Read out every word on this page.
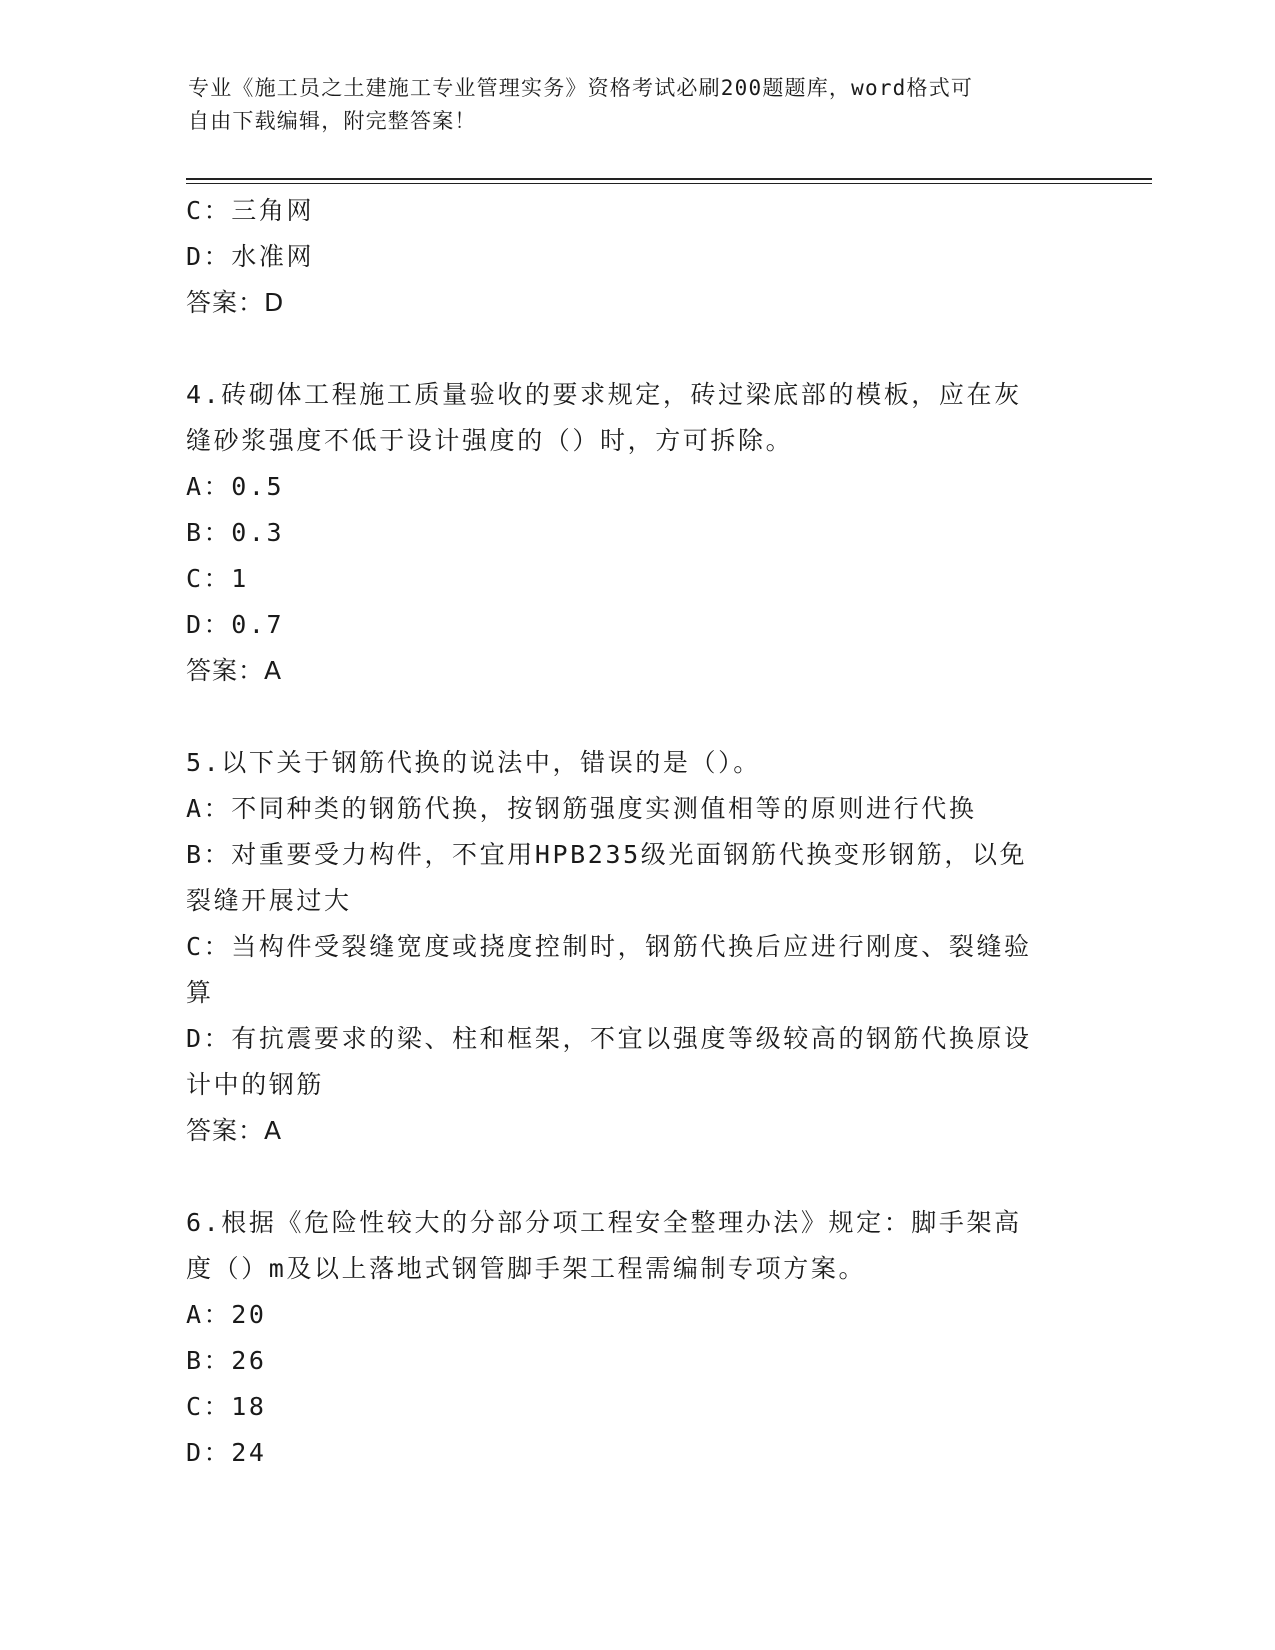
专业《施工员之土建施工专业管理实务》资格考试必刷200题题库，word格式可
自由下载编辑，附完整答案！
C：三角网
D：水准网
答案：D
4.砖砌体工程施工质量验收的要求规定，砖过梁底部的模板，应在灰
缝砂浆强度不低于设计强度的（）时，方可拆除。
A：0.5
B：0.3
C：1
D：0.7
答案：A
5.以下关于钢筋代换的说法中，错误的是（）。
A：不同种类的钢筋代换，按钢筋强度实测值相等的原则进行代换
B：对重要受力构件，不宜用HPB235级光面钢筋代换变形钢筋，以免
裂缝开展过大
C：当构件受裂缝宽度或挠度控制时，钢筋代换后应进行刚度、裂缝验
算
D：有抗震要求的梁、柱和框架，不宜以强度等级较高的钢筋代换原设
计中的钢筋
答案：A
6.根据《危险性较大的分部分项工程安全整理办法》规定：脚手架高
度（）m及以上落地式钢管脚手架工程需编制专项方案。
A：20
B：26
C：18
D：24
